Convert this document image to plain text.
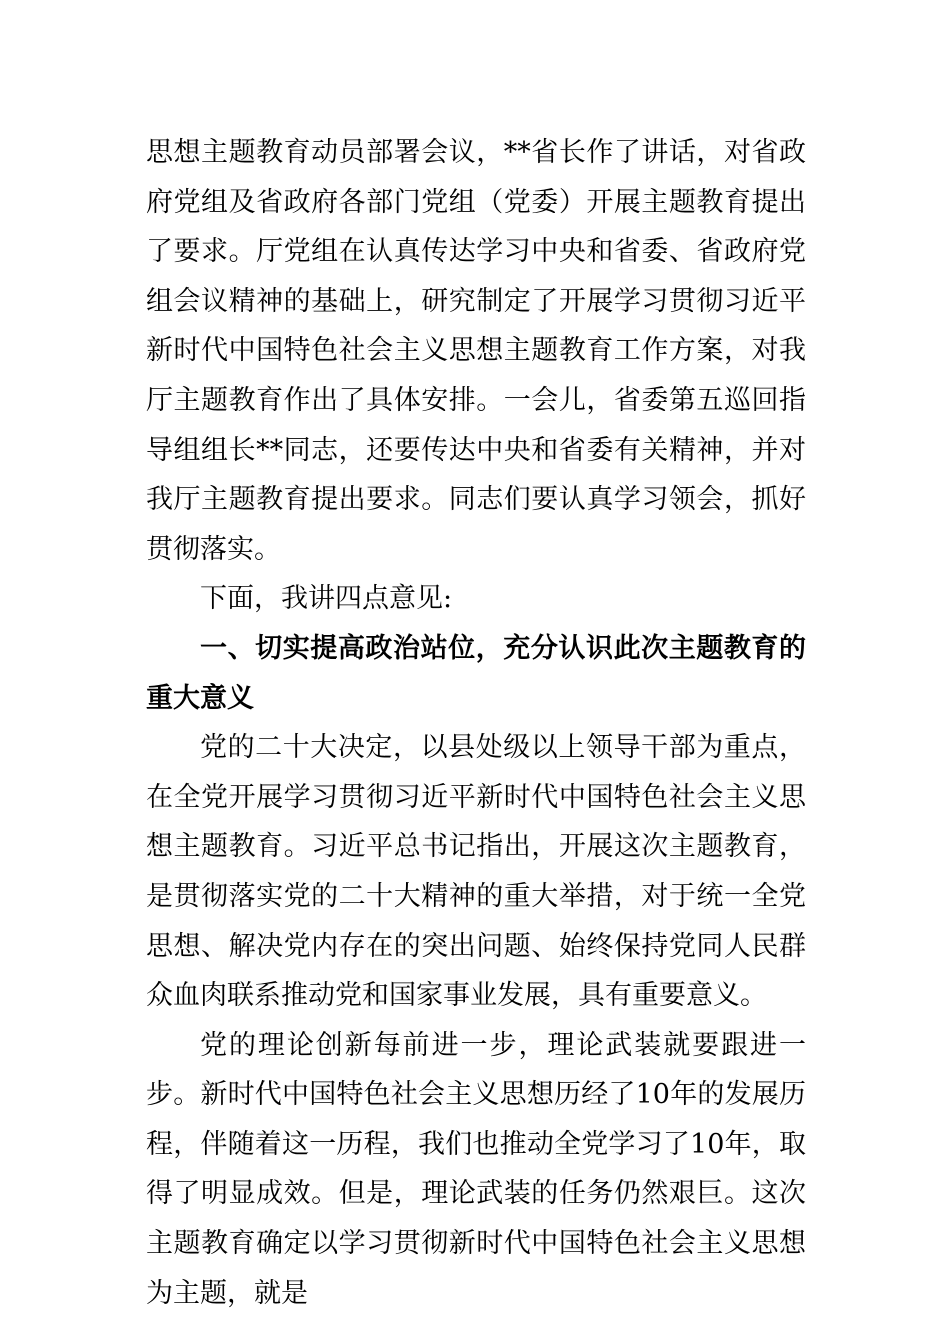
思想主题教育动员部署会议，**省长作了讲话，对省政府党组及省政府各部门党组（党委）开展主题教育提出了要求。厅党组在认真传达学习中央和省委、省政府党组会议精神的基础上，研究制定了开展学习贯彻习近平新时代中国特色社会主义思想主题教育工作方案，对我厅主题教育作出了具体安排。一会儿，省委第五巡回指导组组长**同志，还要传达中央和省委有关精神，并对我厅主题教育提出要求。同志们要认真学习领会，抓好贯彻落实。

下面，我讲四点意见:

一、切实提高政治站位，充分认识此次主题教育的重大意义

党的二十大决定，以县处级以上领导干部为重点，在全党开展学习贯彻习近平新时代中国特色社会主义思想主题教育。习近平总书记指出，开展这次主题教育，是贯彻落实党的二十大精神的重大举措，对于统一全党思想、解决党内存在的突出问题、始终保持党同人民群众血肉联系推动党和国家事业发展，具有重要意义。

党的理论创新每前进一步，理论武装就要跟进一步。新时代中国特色社会主义思想历经了10年的发展历程，伴随着这一历程，我们也推动全党学习了10年，取得了明显成效。但是，理论武装的任务仍然艰巨。这次主题教育确定以学习贯彻新时代中国特色社会主义思想为主题，就是
